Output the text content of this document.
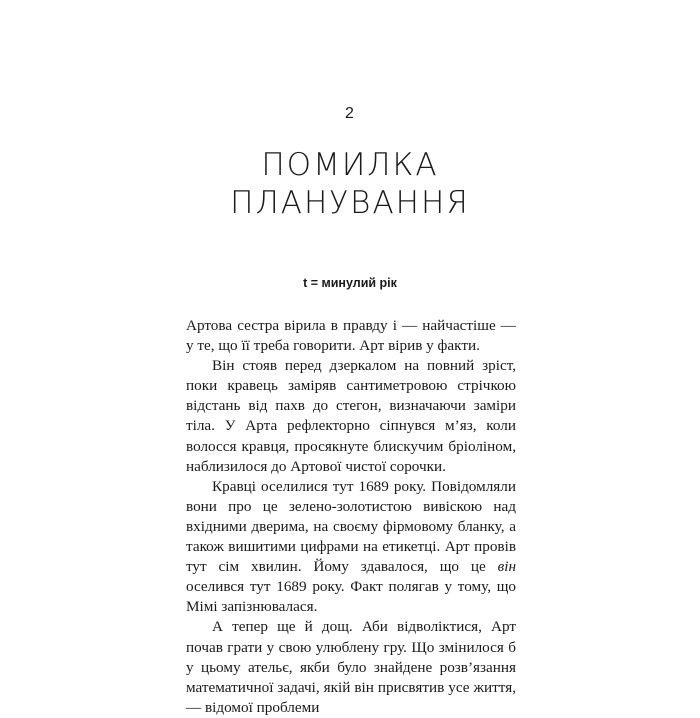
2
ПОМИЛКА
ПЛАНУВАННЯ
t = минулий рік

Артова сестра вірила в правду і — найчастіше — у те, що її треба говорити. Арт вірив у факти.

Він стояв перед дзеркалом на повний зріст, поки кравець заміряв сантиметровою стрічкою відстань від пахв до стегон, визначаючи заміри тіла. У Арта рефлекторно сіпнувся м’яз, коли волосся кравця, просякнуте блискучим бріоліном, наблизилося до Артової чистої сорочки.

Кравці оселилися тут 1689 року. Повідомляли вони про це зелено-золотистою вивіскою над вхідними дверима, на своєму фірмовому бланку, а також вишитими цифрами на етикетці. Арт провів тут сім хвилин. Йому здавалося, що це він оселився тут 1689 року. Факт полягав у тому, що Мімі запізнювалася.

А тепер ще й дощ. Аби відволіктися, Арт почав грати у свою улюблену гру. Що змінилося б у цьому ательє, якби було знайдене розв’язання математичної задачі, якій він присвятив усе життя, — відомої проблеми
